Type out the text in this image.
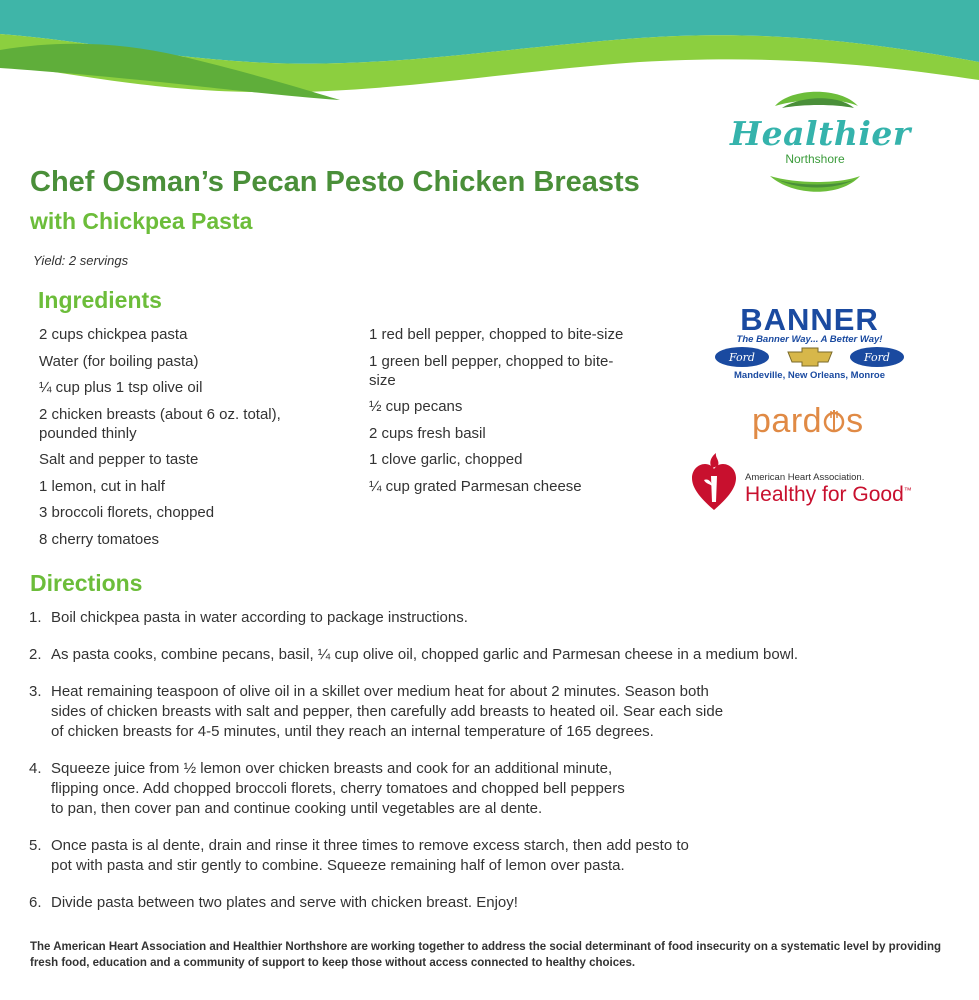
Healthier
Northshore
Chef Osman’s Pecan Pesto Chicken Breasts
with Chickpea Pasta
Yield: 2 servings
Ingredients
2 cups chickpea pasta
Water (for boiling pasta)
¼ cup plus 1 tsp olive oil
2 chicken breasts (about 6 oz. total), pounded thinly
Salt and pepper to taste
1 lemon, cut in half
3 broccoli florets, chopped
8 cherry tomatoes
1 red bell pepper, chopped to bite-size
1 green bell pepper, chopped to bite-size
½ cup pecans
2 cups fresh basil
1 clove garlic, chopped
¼ cup grated Parmesan cheese
BANNER
The Banner Way... A Better Way!
Ford	Ford
Mandeville, New Orleans, Monroe
pard s
American Heart Association.
Healthy for Good™
Directions
1. Boil chickpea pasta in water according to package instructions.
2. As pasta cooks, combine pecans, basil, ¼ cup olive oil, chopped garlic and Parmesan cheese in a medium bowl.
3. Heat remaining teaspoon of olive oil in a skillet over medium heat for about 2 minutes. Season both
sides of chicken breasts with salt and pepper, then carefully add breasts to heated oil. Sear each side
of chicken breasts for 4-5 minutes, until they reach an internal temperature of 165 degrees.
4. Squeeze juice from ½ lemon over chicken breasts and cook for an additional minute,
flipping once. Add chopped broccoli florets, cherry tomatoes and chopped bell peppers
to pan, then cover pan and continue cooking until vegetables are al dente.
5. Once pasta is al dente, drain and rinse it three times to remove excess starch, then add pesto to
pot with pasta and stir gently to combine. Squeeze remaining half of lemon over pasta.
6. Divide pasta between two plates and serve with chicken breast. Enjoy!
The American Heart Association and Healthier Northshore are working together to address the social determinant of food insecurity on a systematic level by providing fresh food, education and a community of support to keep those without access connected to healthy choices.
